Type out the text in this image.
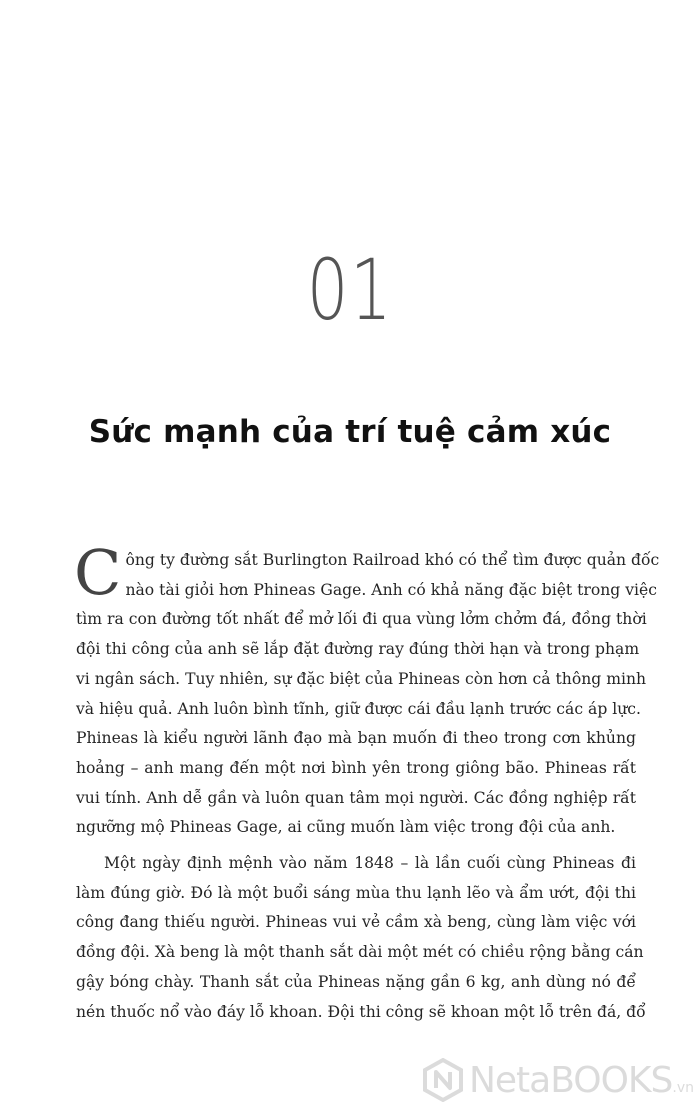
01
Sức mạnh của trí tuệ cảm xúc
C ông ty đường sắt Burlington Railroad khó có thể tìm được quản đốc
nào tài giỏi hơn Phineas Gage. Anh có khả năng đặc biệt trong việc
tìm ra con đường tốt nhất để mở lối đi qua vùng lởm chởm đá, đồng thời
đội thi công của anh sẽ lắp đặt đường ray đúng thời hạn và trong phạm
vi ngân sách. Tuy nhiên, sự đặc biệt của Phineas còn hơn cả thông minh
và hiệu quả. Anh luôn bình tĩnh, giữ được cái đầu lạnh trước các áp lực.
Phineas là kiểu người lãnh đạo mà bạn muốn đi theo trong cơn khủng
hoảng – anh mang đến một nơi bình yên trong giông bão. Phineas rất
vui tính. Anh dễ gần và luôn quan tâm mọi người. Các đồng nghiệp rất
ngưỡng mộ Phineas Gage, ai cũng muốn làm việc trong đội của anh.
Một ngày định mệnh vào năm 1848 – là lần cuối cùng Phineas đi
làm đúng giờ. Đó là một buổi sáng mùa thu lạnh lẽo và ẩm ướt, đội thi
công đang thiếu người. Phineas vui vẻ cầm xà beng, cùng làm việc với
đồng đội. Xà beng là một thanh sắt dài một mét có chiều rộng bằng cán
gậy bóng chày. Thanh sắt của Phineas nặng gần 6 kg, anh dùng nó để
nén thuốc nổ vào đáy lỗ khoan. Đội thi công sẽ khoan một lỗ trên đá, đổ
NetaBOOKS.vn
